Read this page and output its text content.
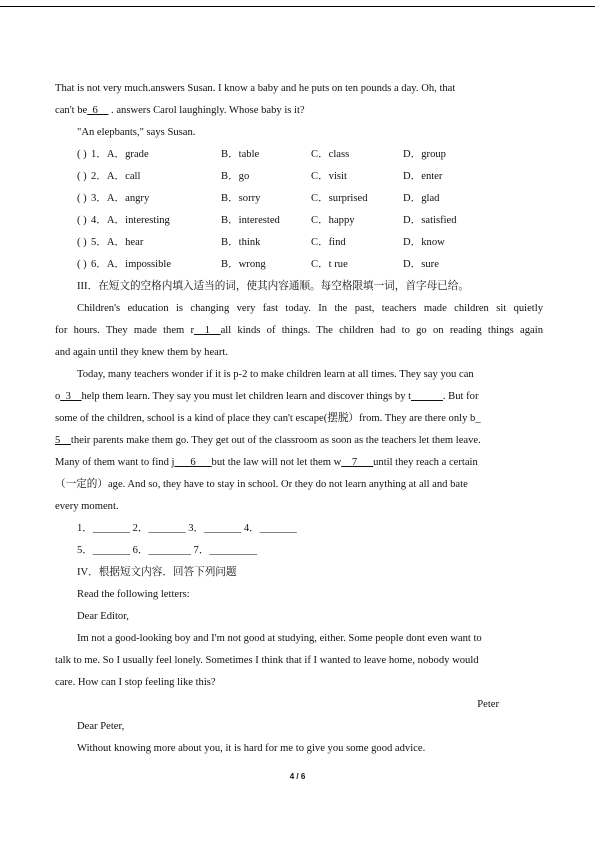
That is not very much.answers Susan. I know a baby and he puts on ten pounds a day. Oh, that
can't be_6__ . answers Carol laughingly. Whose baby is it?
"An elepbants," says Susan.
( ) 1．A．grade	B．table	C．class	D．group
( ) 2．A．call	B．go	C．visit	D．enter
( ) 3．A．angry	B．sorry	C．surprised	D．glad
( ) 4．A．interesting	B．interested	C．happy	D．satisfied
( ) 5．A．hear	B．think	C．find	D．know
( ) 6．A．impossible	B．wrong	C．t rue	D．sure
III．在短文的空格内填入适当的词，使其内容通顺。每空格限填一词，首字母已给。
Children's education is changing very fast today. In the past, teachers made children sit quietly
for hours. They made them r__1__all kinds of things. The children had to go on reading things again
and again until they knew them by heart.
Today, many teachers wonder if it is p-2 to make children learn at all times. They say you can
o_3__help them learn. They say you must let children learn and discover things by t______. But for
some of the children, school is a kind of place they can't escape(摆脱）from. They are there only b_
5__their parents make them go. They get out of the classroom as soon as the teachers let them leave.
Many of them want to find j___6___but the law will not let them w__7___until they reach a certain
（一定的）age. And so, they have to stay in school. Or they do not learn anything at all and bate
every moment.
1．_______ 2．_______ 3．_______ 4．_______
5．_______ 6．________ 7．_________
IV．根据短文内容．回答下列问题
Read the following letters:
Dear Editor,
Im not a good-looking boy and I'm not good at studying, either. Some people dont even want to
talk to me. So I usually feel lonely. Sometimes I think that if I wanted to leave home, nobody would
care. How can I stop feeling like this?
Peter
Dear Peter,
Without knowing more about you, it is hard for me to give you some good advice.
4 / 6
